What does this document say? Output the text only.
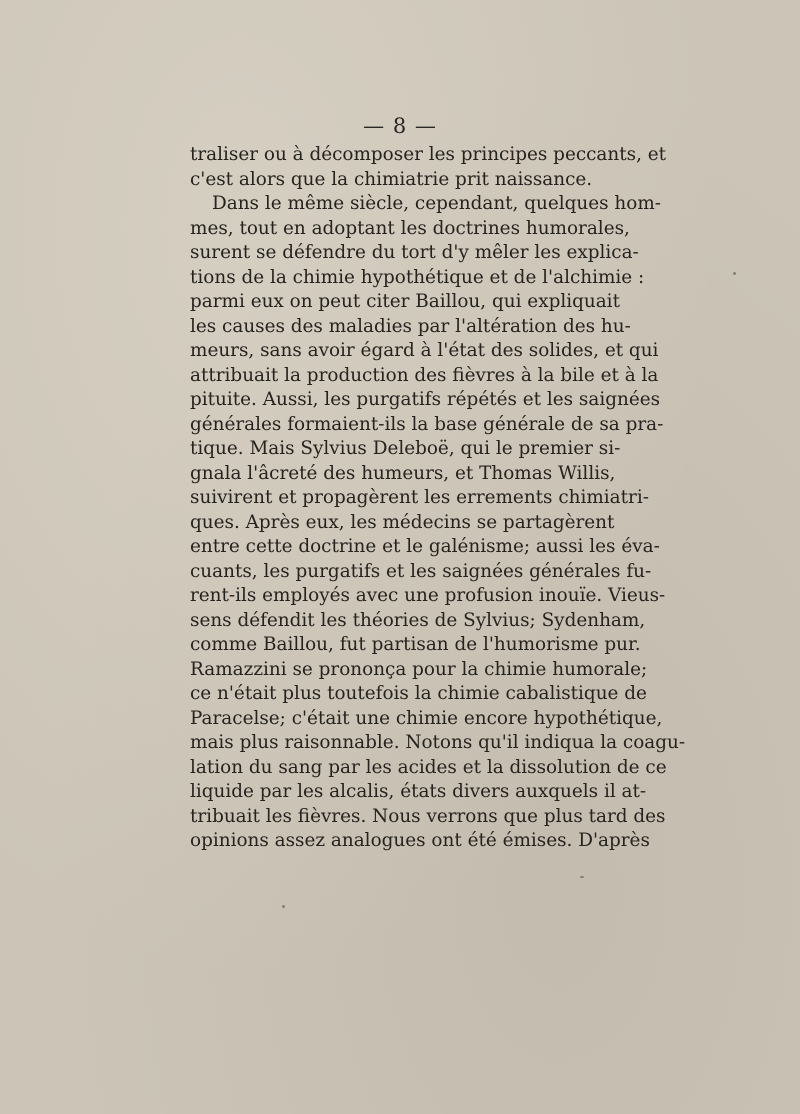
— 8 —
traliser ou à décomposer les principes peccants, et
c'est alors que la chimiatrie prit naissance.
Dans le même siècle, cependant, quelques hom-
mes, tout en adoptant les doctrines humorales,
surent se défendre du tort d'y mêler les explica-
tions de la chimie hypothétique et de l'alchimie :
parmi eux on peut citer Baillou, qui expliquait
les causes des maladies par l'altération des hu-
meurs, sans avoir égard à l'état des solides, et qui
attribuait la production des fièvres à la bile et à la
pituite. Aussi, les purgatifs répétés et les saignées
générales formaient-ils la base générale de sa pra-
tique. Mais Sylvius Deleboë, qui le premier si-
gnala l'âcreté des humeurs, et Thomas Willis,
suivirent et propagèrent les errements chimiatri-
ques. Après eux, les médecins se partagèrent
entre cette doctrine et le galénisme; aussi les éva-
cuants, les purgatifs et les saignées générales fu-
rent-ils employés avec une profusion inouïe. Vieus-
sens défendit les théories de Sylvius; Sydenham,
comme Baillou, fut partisan de l'humorisme pur.
Ramazzini se prononça pour la chimie humorale;
ce n'était plus toutefois la chimie cabalistique de
Paracelse; c'était une chimie encore hypothétique,
mais plus raisonnable. Notons qu'il indiqua la coagu-
lation du sang par les acides et la dissolution de ce
liquide par les alcalis, états divers auxquels il at-
tribuait les fièvres. Nous verrons que plus tard des
opinions assez analogues ont été émises. D'après
